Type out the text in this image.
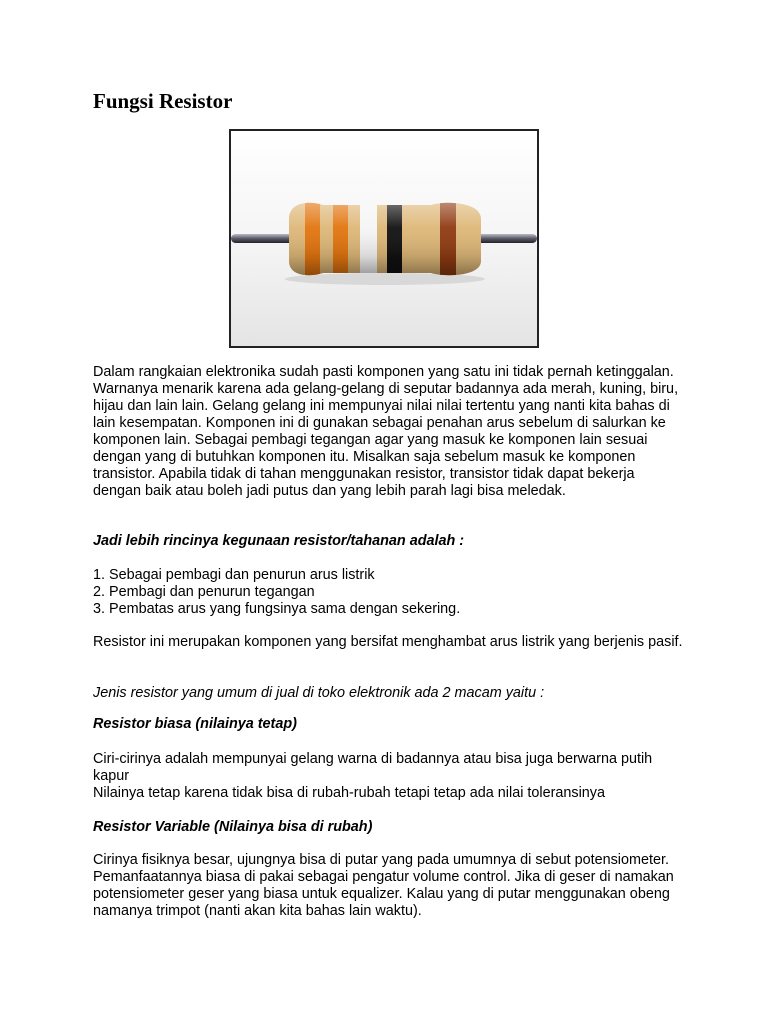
Fungsi Resistor

Dalam rangkaian elektronika sudah pasti komponen yang satu ini tidak pernah ketinggalan. Warnanya menarik karena ada gelang-gelang di seputar badannya ada merah, kuning, biru, hijau dan lain lain. Gelang gelang ini mempunyai nilai nilai tertentu yang nanti kita bahas di lain kesempatan. Komponen ini di gunakan sebagai penahan arus sebelum di salurkan ke komponen lain. Sebagai pembagi tegangan agar yang masuk ke komponen lain sesuai dengan yang di butuhkan komponen itu. Misalkan saja sebelum masuk ke komponen transistor. Apabila tidak di tahan menggunakan resistor, transistor tidak dapat bekerja dengan baik atau boleh jadi putus dan yang lebih parah lagi bisa meledak.

Jadi lebih rincinya kegunaan resistor/tahanan adalah :

1. Sebagai pembagi dan penurun arus listrik
2. Pembagi dan penurun tegangan
3. Pembatas arus yang fungsinya sama dengan sekering.

Resistor ini merupakan komponen yang bersifat menghambat arus listrik yang berjenis pasif.

Jenis resistor yang umum di jual di toko elektronik ada 2 macam yaitu :

Resistor biasa (nilainya tetap)

Ciri-cirinya adalah mempunyai gelang warna di badannya atau bisa juga berwarna putih kapur

Nilainya tetap karena tidak bisa di rubah-rubah tetapi tetap ada nilai toleransinya

Resistor Variable (Nilainya bisa di rubah)

Cirinya fisiknya besar, ujungnya bisa di putar yang pada umumnya di sebut potensiometer. Pemanfaatannya biasa di pakai sebagai pengatur volume control. Jika di geser di namakan potensiometer geser yang biasa untuk equalizer. Kalau yang di putar menggunakan obeng namanya trimpot (nanti akan kita bahas lain waktu).
